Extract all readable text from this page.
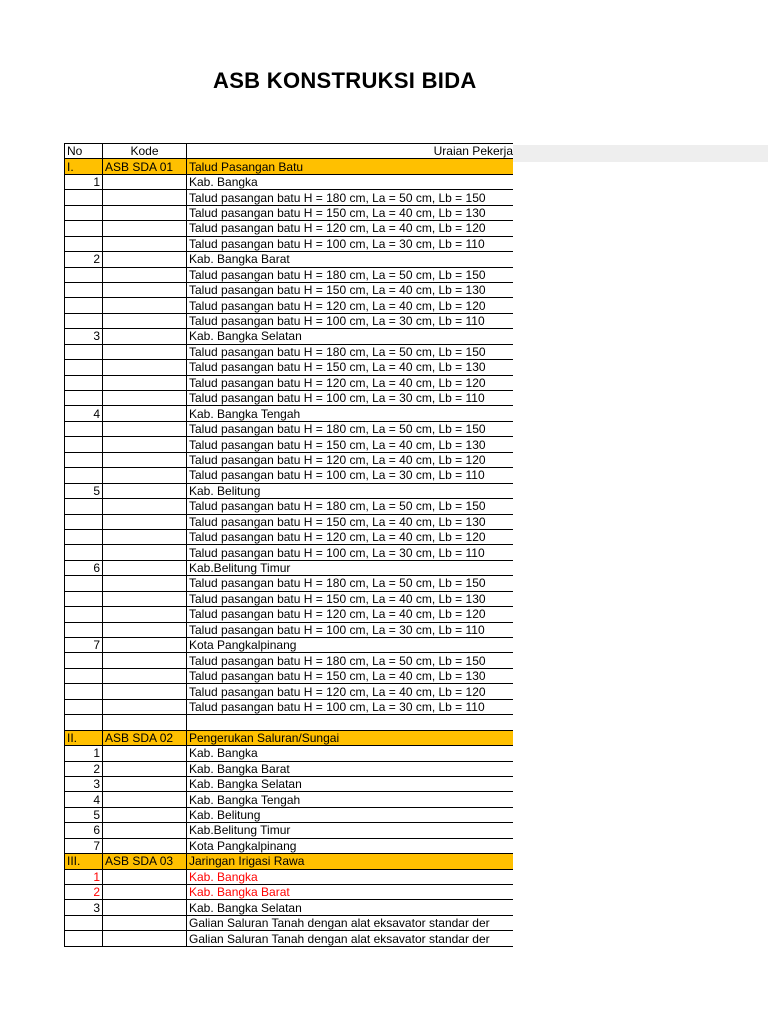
ASB KONSTRUKSI BIDA
No	Kode	Uraian Pekerja
I.	ASB SDA 01	Talud Pasangan Batu
1		Kab. Bangka
		Talud pasangan batu H = 180 cm, La = 50 cm, Lb = 150
		Talud pasangan batu H = 150 cm, La = 40 cm, Lb = 130
		Talud pasangan batu H = 120 cm, La = 40 cm, Lb = 120
		Talud pasangan batu H = 100 cm, La = 30 cm, Lb = 110
2		Kab. Bangka Barat
		Talud pasangan batu H = 180 cm, La = 50 cm, Lb = 150
		Talud pasangan batu H = 150 cm, La = 40 cm, Lb = 130
		Talud pasangan batu H = 120 cm, La = 40 cm, Lb = 120
		Talud pasangan batu H = 100 cm, La = 30 cm, Lb = 110
3		Kab. Bangka Selatan
		Talud pasangan batu H = 180 cm, La = 50 cm, Lb = 150
		Talud pasangan batu H = 150 cm, La = 40 cm, Lb = 130
		Talud pasangan batu H = 120 cm, La = 40 cm, Lb = 120
		Talud pasangan batu H = 100 cm, La = 30 cm, Lb = 110
4		Kab. Bangka Tengah
		Talud pasangan batu H = 180 cm, La = 50 cm, Lb = 150
		Talud pasangan batu H = 150 cm, La = 40 cm, Lb = 130
		Talud pasangan batu H = 120 cm, La = 40 cm, Lb = 120
		Talud pasangan batu H = 100 cm, La = 30 cm, Lb = 110
5		Kab. Belitung
		Talud pasangan batu H = 180 cm, La = 50 cm, Lb = 150
		Talud pasangan batu H = 150 cm, La = 40 cm, Lb = 130
		Talud pasangan batu H = 120 cm, La = 40 cm, Lb = 120
		Talud pasangan batu H = 100 cm, La = 30 cm, Lb = 110
6		Kab.Belitung Timur
		Talud pasangan batu H = 180 cm, La = 50 cm, Lb = 150
		Talud pasangan batu H = 150 cm, La = 40 cm, Lb = 130
		Talud pasangan batu H = 120 cm, La = 40 cm, Lb = 120
		Talud pasangan batu H = 100 cm, La = 30 cm, Lb = 110
7		Kota Pangkalpinang
		Talud pasangan batu H = 180 cm, La = 50 cm, Lb = 150
		Talud pasangan batu H = 150 cm, La = 40 cm, Lb = 130
		Talud pasangan batu H = 120 cm, La = 40 cm, Lb = 120
		Talud pasangan batu H = 100 cm, La = 30 cm, Lb = 110

II.	ASB SDA 02	Pengerukan Saluran/Sungai
1		Kab. Bangka
2		Kab. Bangka Barat
3		Kab. Bangka Selatan
4		Kab. Bangka Tengah
5		Kab. Belitung
6		Kab.Belitung Timur
7		Kota Pangkalpinang
III.	ASB SDA 03	Jaringan Irigasi Rawa
1		Kab. Bangka
2		Kab. Bangka Barat
3		Kab. Bangka Selatan
		Galian Saluran Tanah dengan alat eksavator standar der
		Galian Saluran Tanah dengan alat eksavator standar der
